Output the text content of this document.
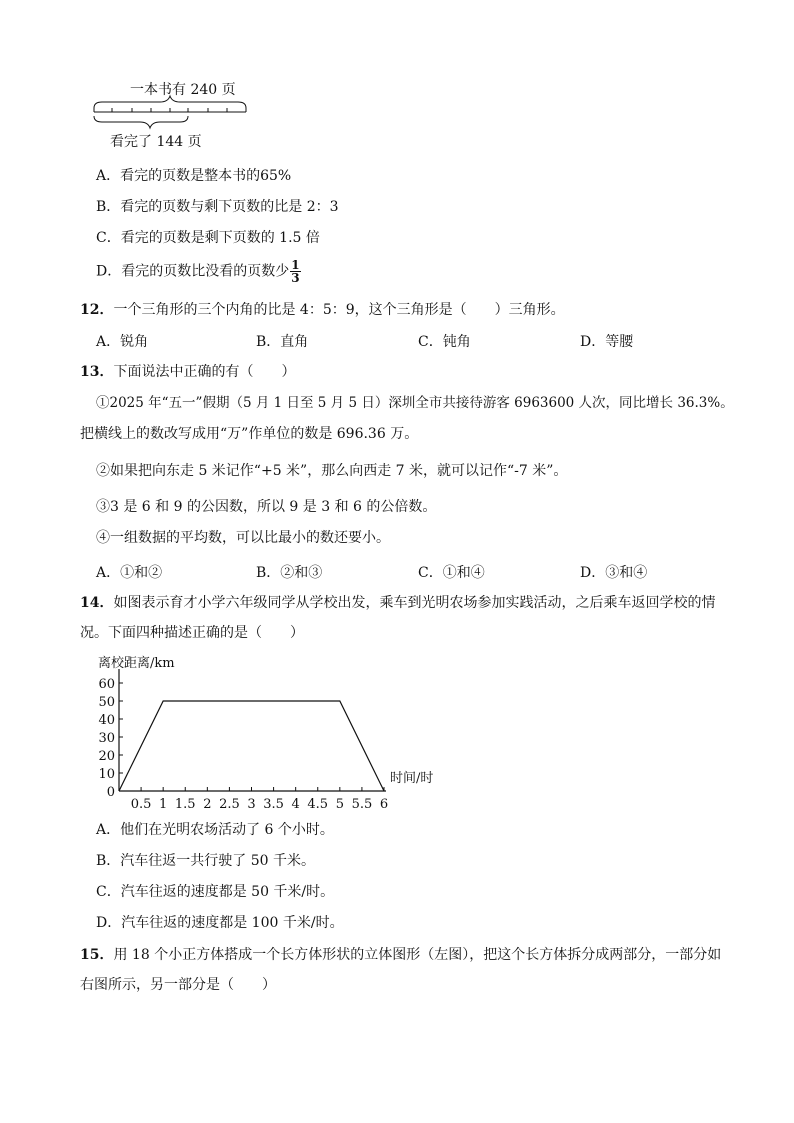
一本书有 240 页
看完了 144 页
A．看完的页数是整本书的65%
B．看完的页数与剩下页数的比是 2：3
C．看完的页数是剩下页数的 1.5 倍
D．看完的页数比没看的页数少 $\frac{1}{3}$
12．一个三角形的三个内角的比是 4：5：9，这个三角形是（　　）三角形。
A．锐角	B．直角	C．钝角	D．等腰
13．下面说法中正确的有（　　）
①2025 年“五一”假期（5 月 1 日至 5 月 5 日）深圳全市共接待游客 6963600 人次，同比增长 36.3%。
把横线上的数改写成用“万”作单位的数是 696.36 万。
②如果把向东走 5 米记作“+5 米”，那么向西走 7 米，就可以记作“-7 米”。
③3 是 6 和 9 的公因数，所以 9 是 3 和 6 的公倍数。
④一组数据的平均数，可以比最小的数还要小。
A．①和②	B．②和③	C．①和④	D．③和④
14．如图表示育才小学六年级同学从学校出发，乘车到光明农场参加实践活动，之后乘车返回学校的情
况。下面四种描述正确的是（　　）
离校距离/km
时间/时
0
10
20
30
40
50
60
0.5 1 1.5 2 2.5 3 3.5 4 4.5 5 5.5 6
A．他们在光明农场活动了 6 个小时。
B．汽车往返一共行驶了 50 千米。
C．汽车往返的速度都是 50 千米/时。
D．汽车往返的速度都是 100 千米/时。
15．用 18 个小正方体搭成一个长方体形状的立体图形（左图），把这个长方体拆分成两部分，一部分如
右图所示，另一部分是（　　）
